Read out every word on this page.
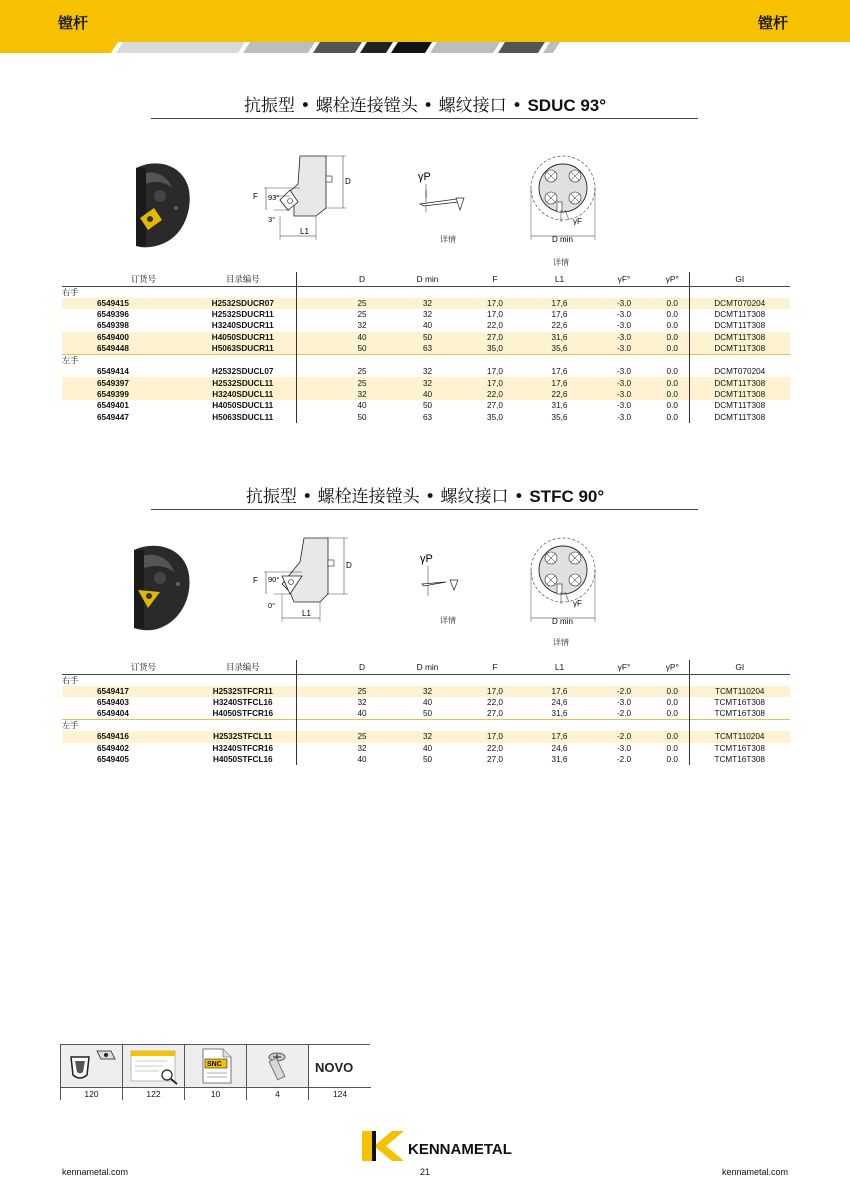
镗杆	镗杆
抗振型 • 螺栓连接镗头 • 螺纹接口 • SDUC 93°
D
F 93°
3°
L1
γP
详情
γF
D min
详情
	订货号	目录编号		D	D min	F	L1	γF°	γP°	GI
右手										
	6549415	H2532SDUCR07		25	32	17,0	17,6	-3.0	0.0	DCMT070204
	6549396	H2532SDUCR11		25	32	17,0	17,6	-3.0	0.0	DCMT11T308
	6549398	H3240SDUCR11		32	40	22,0	22,6	-3.0	0.0	DCMT11T308
	6549400	H4050SDUCR11		40	50	27,0	31,6	-3.0	0.0	DCMT11T308
	6549448	H5063SDUCR11		50	63	35,0	35,6	-3.0	0.0	DCMT11T308
左手										
	6549414	H2532SDUCL07		25	32	17,0	17,6	-3.0	0.0	DCMT070204
	6549397	H2532SDUCL11		25	32	17,0	17,6	-3.0	0.0	DCMT11T308
	6549399	H3240SDUCL11		32	40	22,0	22,6	-3.0	0.0	DCMT11T308
	6549401	H4050SDUCL11		40	50	27,0	31,6	-3.0	0.0	DCMT11T308
	6549447	H5063SDUCL11		50	63	35,0	35,6	-3.0	0.0	DCMT11T308
抗振型 • 螺栓连接镗头 • 螺纹接口 • STFC 90°
D
F 90°
0°
L1
γP
详情
γF
D min
详情
	订货号	目录编号		D	D min	F	L1	γF°	γP°	GI
右手										
	6549417	H2532STFCR11		25	32	17,0	17,6	-2.0	0.0	TCMT110204
	6549403	H3240STFCL16		32	40	22,0	24,6	-3.0	0.0	TCMT16T308
	6549404	H4050STFCR16		40	50	27,0	31,6	-2.0	0.0	TCMT16T308
左手										
	6549416	H2532STFCL11		25	32	17,0	17,6	-2.0	0.0	TCMT110204
	6549402	H3240STFCR16		32	40	22,0	24,6	-3.0	0.0	TCMT16T308
	6549405	H4050STFCL16		40	50	27,0	31,6	-2.0	0.0	TCMT16T308
SNC	NOVO
120	122	10	4	124
KENNAMETAL
kennametal.com	21	kennametal.com
